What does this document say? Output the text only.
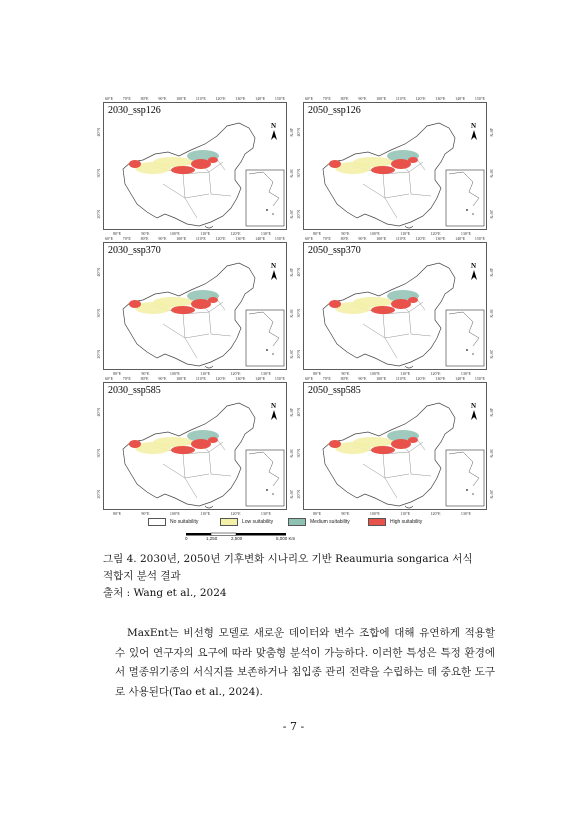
N
2030_ssp126
60°E 70°E 80°E 90°E 100°E 110°E 120°E 130°E 140°E 150°E
80°E	90°E	100°E	110°E	120°E	130°E
40°N
30°N
20°N
40°N
30°N
20°N
N
2050_ssp126
60°E 70°E 80°E 90°E 100°E 110°E 120°E 130°E 140°E 150°E
80°E	90°E	100°E	110°E	120°E	130°E
40°N
30°N
20°N
40°N
30°N
20°N
N
2030_ssp370
60°E 70°E 80°E 90°E 100°E 110°E 120°E 130°E 140°E 150°E
80°E	90°E	100°E	110°E	120°E	130°E
40°N
30°N
20°N
40°N
30°N
20°N
N
2050_ssp370
60°E 70°E 80°E 90°E 100°E 110°E 120°E 130°E 140°E 150°E
80°E	90°E	100°E	110°E	120°E	130°E
40°N
30°N
20°N
40°N
30°N
20°N
N
2030_ssp585
60°E 70°E 80°E 90°E 100°E 110°E 120°E 130°E 140°E 150°E
80°E	90°E	100°E	110°E	120°E	130°E
40°N
30°N
20°N
40°N
30°N
20°N
N
2050_ssp585
60°E 70°E 80°E 90°E 100°E 110°E 120°E 130°E 140°E 150°E
80°E	90°E	100°E	110°E	120°E	130°E
40°N
30°N
20°N
40°N
30°N
20°N
No suitability	Low suitability	Medium suitability	High suitability
0	1,250	2,500	5,000 Km
그림 4. 2030년, 2050년 기후변화 시나리오 기반 Reaumuria songarica 서식
적합지 분석 결과
출처 : Wang et al., 2024

MaxEnt는 비선형 모델로 새로운 데이터와 변수 조합에 대해 유연하게 적용할 수 있어 연구자의 요구에 따라 맞춤형 분석이 가능하다. 이러한 특성은 특정 환경에서 멸종위기종의 서식지를 보존하거나 침입종 관리 전략을 수립하는 데 중요한 도구로 사용된다(Tao et al., 2024).

- 7 -
